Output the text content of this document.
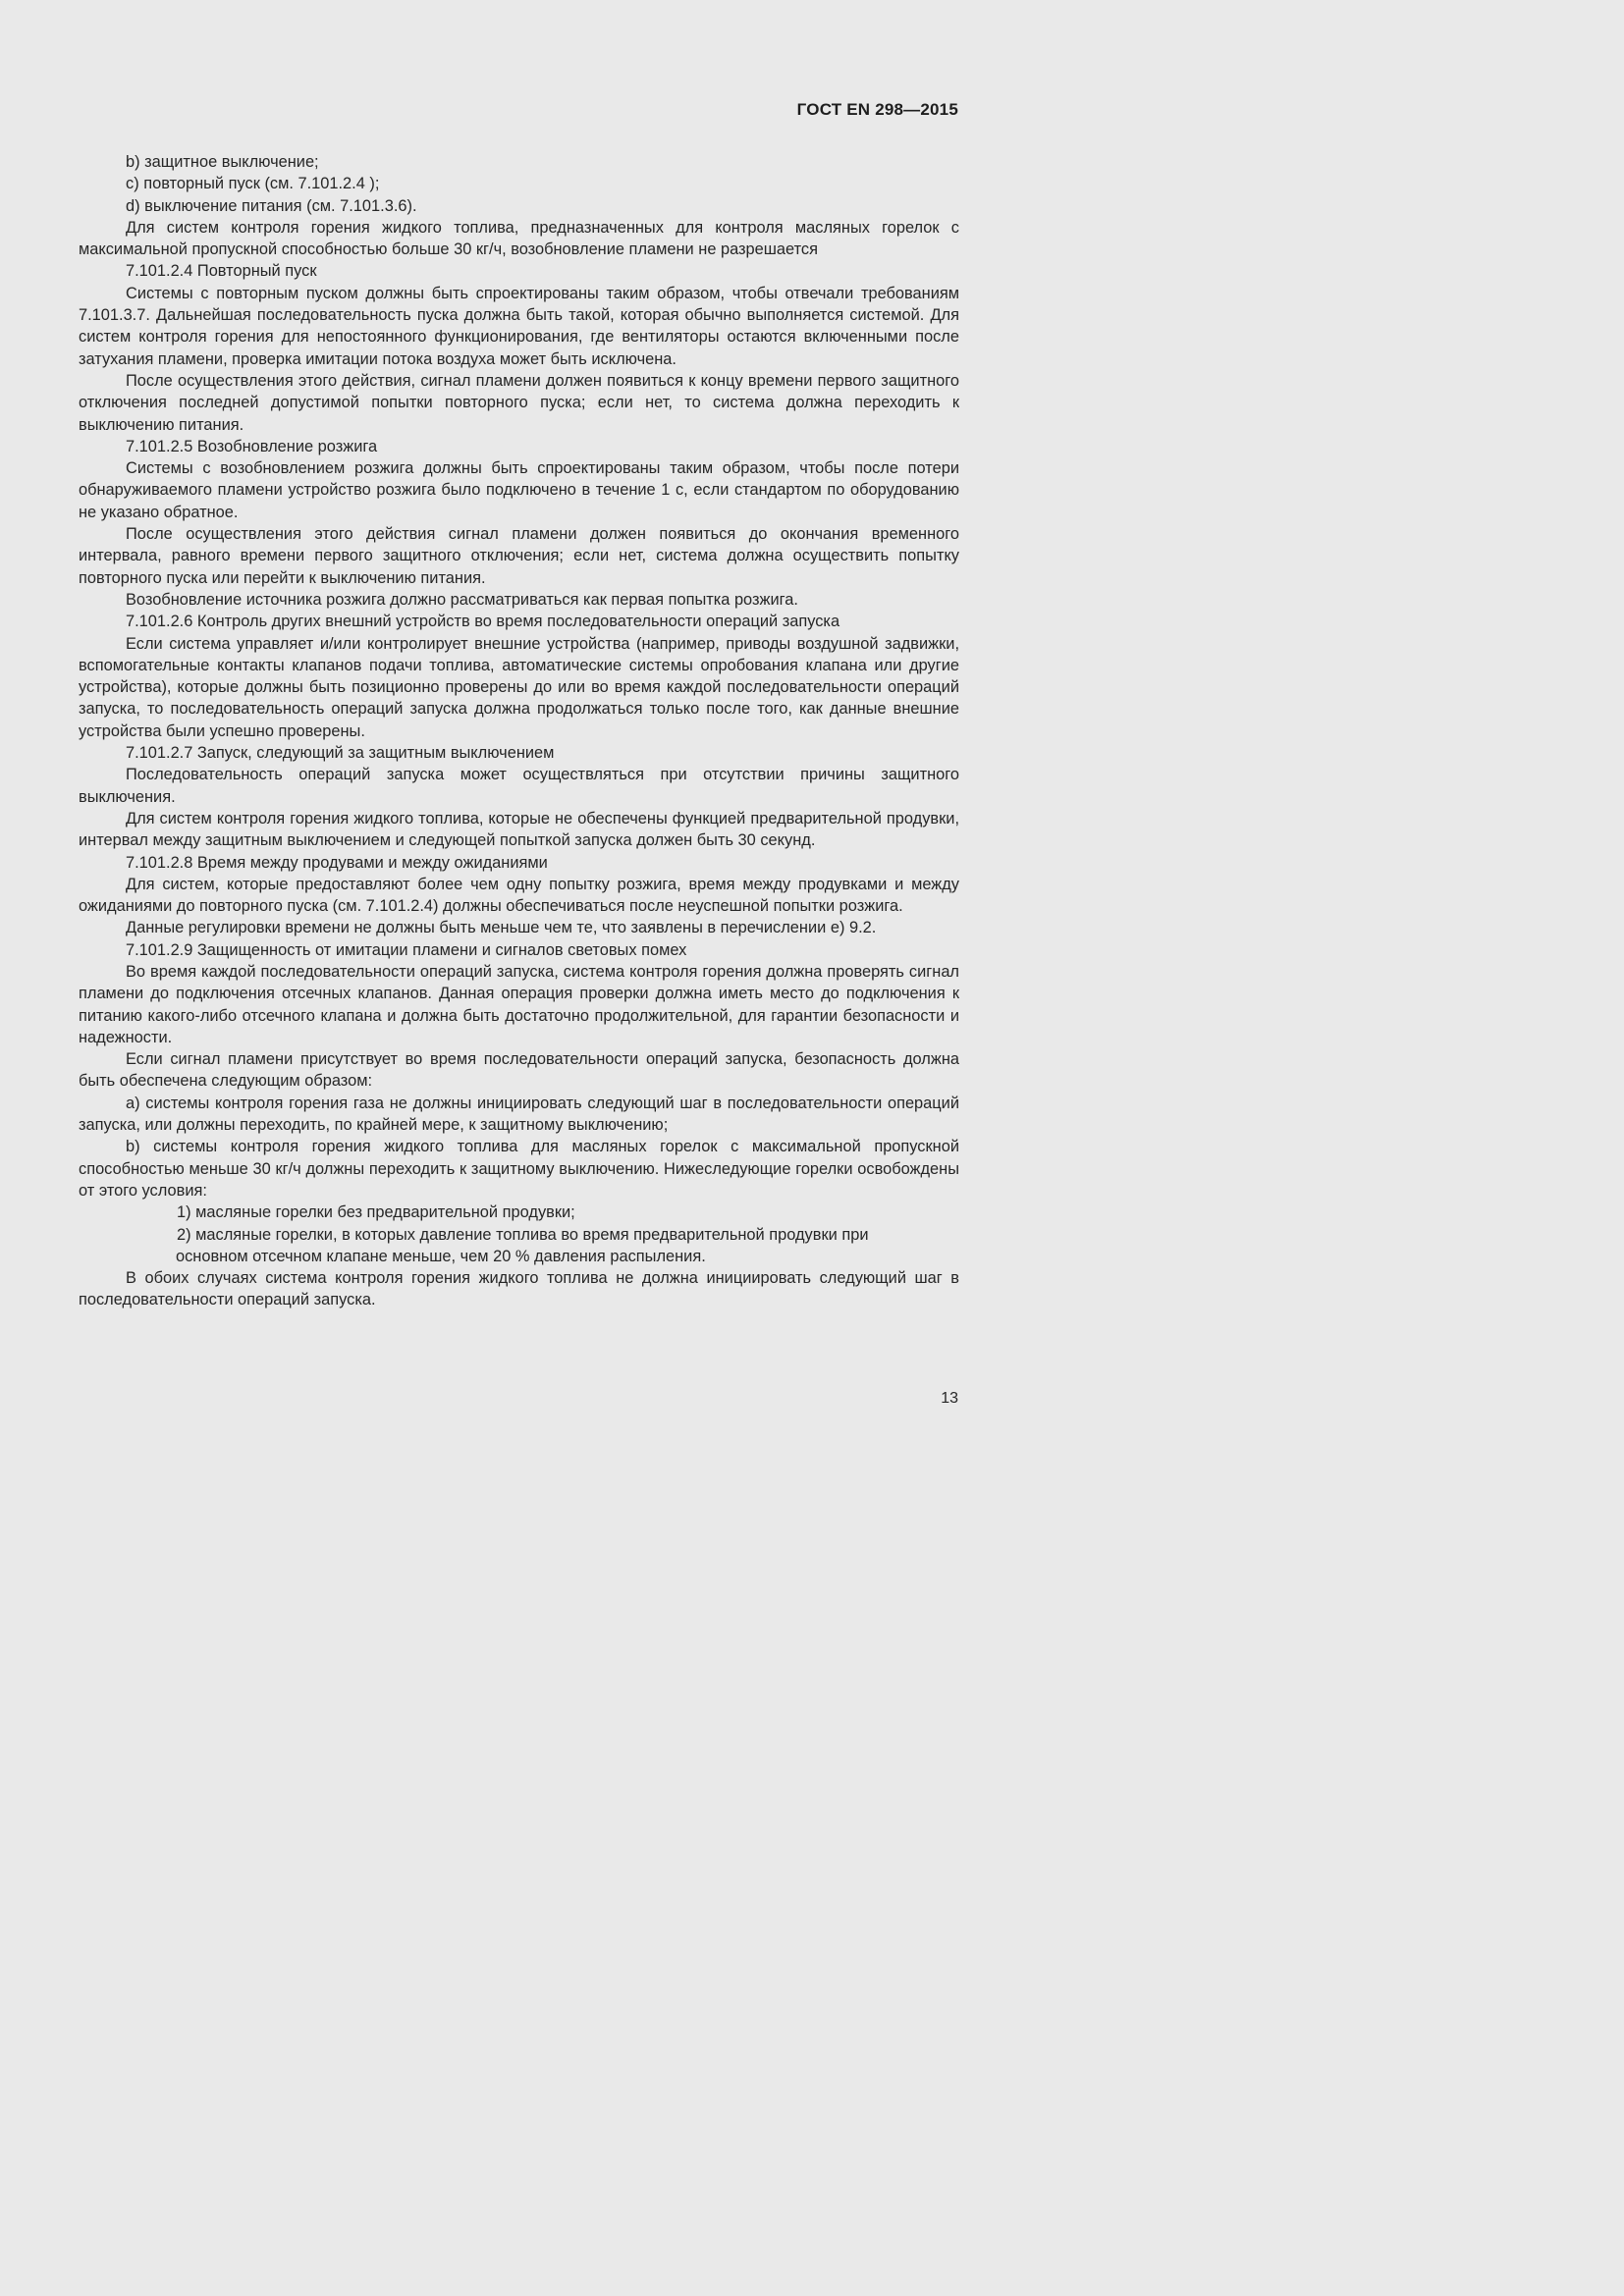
ГОСТ EN 298—2015

b) защитное выключение;

c) повторный пуск (см. 7.101.2.4 );

d) выключение питания (см. 7.101.3.6).

Для систем контроля горения жидкого топлива, предназначенных для контроля масляных горелок с максимальной пропускной способностью больше 30 кг/ч, возобновление пламени не разрешается

7.101.2.4 Повторный пуск

Системы с повторным пуском должны быть спроектированы таким образом, чтобы отвечали требованиям 7.101.3.7. Дальнейшая последовательность пуска должна быть такой, которая обычно выполняется системой. Для систем контроля горения для непостоянного функционирования, где вентиляторы остаются включенными после затухания пламени, проверка имитации потока воздуха может быть исключена.

После осуществления этого действия, сигнал пламени должен появиться к концу времени первого защитного отключения последней допустимой попытки повторного пуска; если нет, то система должна переходить к выключению питания.

7.101.2.5 Возобновление розжига

Системы с возобновлением розжига должны быть спроектированы таким образом, чтобы после потери обнаруживаемого пламени устройство розжига было подключено в течение 1 с, если стандартом по оборудованию не указано обратное.

После осуществления этого действия сигнал пламени должен появиться до окончания временного интервала, равного времени первого защитного отключения; если нет, система должна осуществить попытку повторного пуска или перейти к выключению питания.

Возобновление источника розжига должно рассматриваться как первая попытка розжига.

7.101.2.6 Контроль других внешний устройств во время последовательности операций запуска

Если система управляет и/или контролирует внешние устройства (например, приводы воздушной задвижки, вспомогательные контакты клапанов подачи топлива, автоматические системы опробования клапана или другие устройства), которые должны быть позиционно проверены до или во время каждой последовательности операций запуска, то последовательность операций запуска должна продолжаться только после того, как данные внешние устройства были успешно проверены.

7.101.2.7 Запуск, следующий за защитным выключением

Последовательность операций запуска может осуществляться при отсутствии причины защитного выключения.

Для систем контроля горения жидкого топлива, которые не обеспечены функцией предварительной продувки, интервал между защитным выключением и следующей попыткой запуска должен быть 30 секунд.

7.101.2.8 Время между продувами и между ожиданиями

Для систем, которые предоставляют более чем одну попытку розжига, время между продувками и между ожиданиями до повторного пуска (см. 7.101.2.4) должны обеспечиваться после неуспешной попытки розжига.

Данные регулировки времени не должны быть меньше чем те, что заявлены в перечислении е) 9.2.

7.101.2.9 Защищенность от имитации пламени и сигналов световых помех

Во время каждой последовательности операций запуска, система контроля горения должна проверять сигнал пламени до подключения отсечных клапанов. Данная операция проверки должна иметь место до подключения к питанию какого-либо отсечного клапана и должна быть достаточно продолжительной, для гарантии безопасности и надежности.

Если сигнал пламени присутствует во время последовательности операций запуска, безопасность должна быть обеспечена следующим образом:

а) системы контроля горения газа не должны инициировать следующий шаг в последовательности операций запуска, или должны переходить, по крайней мере, к защитному выключению;

b) системы контроля горения жидкого топлива для масляных горелок с максимальной пропускной способностью меньше 30 кг/ч должны переходить к защитному выключению. Нижеследующие горелки освобождены от этого условия:

1) масляные горелки без предварительной продувки;

2) масляные горелки, в которых давление топлива во время предварительной продувки при

основном отсечном клапане меньше, чем 20 % давления распыления.

В обоих случаях система контроля горения жидкого топлива не должна инициировать следующий шаг в последовательности операций запуска.

13
